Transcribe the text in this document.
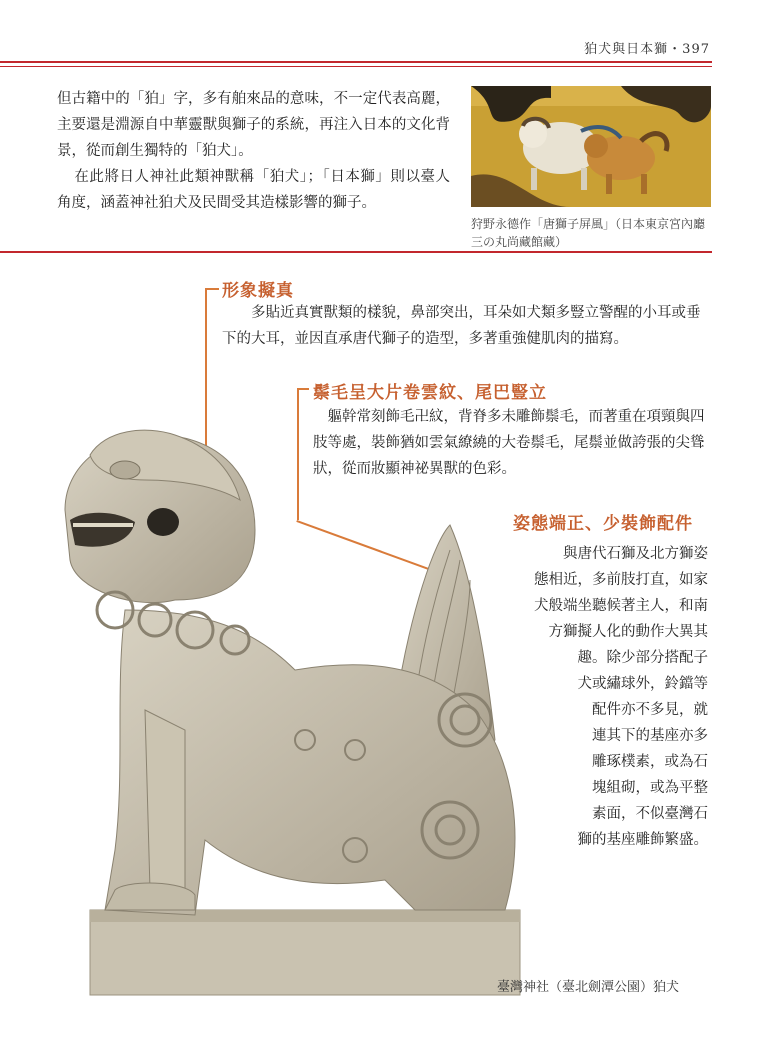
狛犬與日本獅・397

但古籍中的「狛」字，多有舶來品的意味，不一定代表高麗，主要還是淵源自中華靈獸與獅子的系統，再注入日本的文化背景，從而創生獨特的「狛犬」。

在此將日人神社此類神獸稱「狛犬」；「日本獅」則以臺人角度，涵蓋神社狛犬及民間受其造樣影響的獅子。

狩野永德作「唐獅子屏風」（日本東京宮內廳三の丸尚藏館藏）
形象擬真
多貼近真實獸類的樣貌，鼻部突出，耳朵如犬類多豎立警醒的小耳或垂下的大耳，並因直承唐代獅子的造型，多著重強健肌肉的描寫。
鬃毛呈大片卷雲紋、尾巴豎立
軀幹常刻飾毛卍紋，背脊多未雕飾鬃毛，而著重在項頸與四肢等處，裝飾猶如雲氣繚繞的大卷鬃毛，尾鬃並做誇張的尖聳狀，從而妝顯神祕異獸的色彩。
姿態端正、少裝飾配件
與唐代石獅及北方獅姿
態相近，多前肢打直，如家
犬般端坐聽候著主人，和南
方獅擬人化的動作大異其
趣。除少部分搭配子
犬或繡球外，鈴鐺等
配件亦不多見，就
連其下的基座亦多
雕琢樸素，或為石
塊組砌，或為平整
素面，不似臺灣石
獅的基座雕飾繁盛。
臺灣神社（臺北劍潭公園）狛犬
